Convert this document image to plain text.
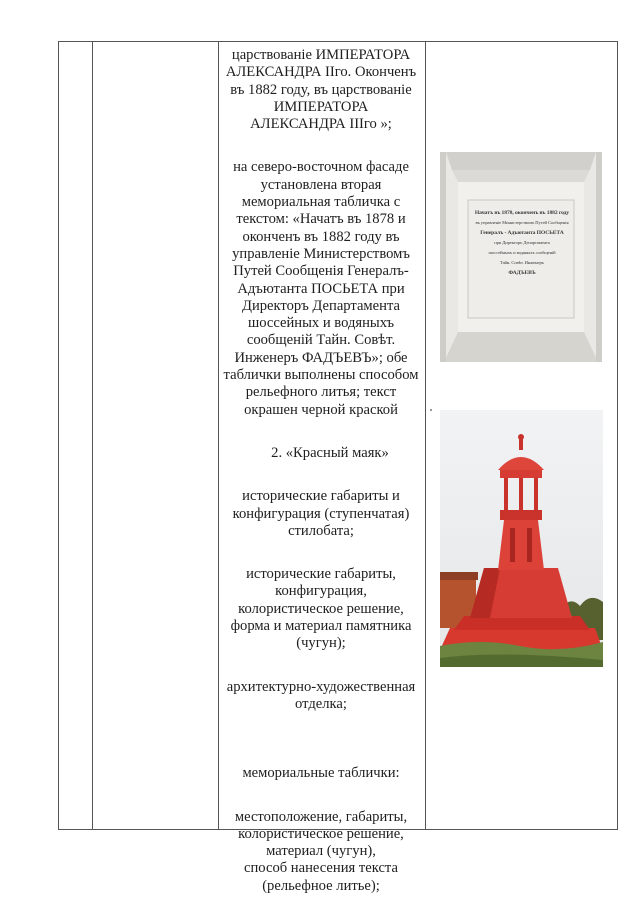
царствованіе ИМПЕРАТОРА

АЛЕКСАНДРА ІІго. Оконченъ

въ 1882 году, въ царствованіе

ИМПЕРАТОРА

АЛЕКСАНДРА ІІІго »;

на северо-восточном фасаде

установлена вторая

мемориальная табличка с

текстом: «Начатъ въ 1878 и

оконченъ въ 1882 году въ

управленіе Министерствомъ

Путей Сообщенія Генералъ-

Адъютанта ПОСЬЕТА при

Директоръ Департамента

шоссейных и водяныхъ

сообщеній Тайн. Совѣт.

Инженеръ ФАДЪЕВЪ»; обе

таблички выполнены способом

рельефного литья; текст

окрашен черной краской

2. «Красный маяк»

исторические габариты и

конфигурация (ступенчатая)

стилобата;

исторические габариты,

конфигурация,

колористическое решение,

форма и материал памятника

(чугун);

архитектурно-художественная

отделка;

мемориальные таблички:

местоположение, габариты,

колористическое решение,

материал (чугун),

способ нанесения текста

(рельефное литье);

Начатъ въ 1878, оконченъ въ 1882 году
въ управленіе Министерствомъ Путей Сообщенія
Генералъ - Адъютанта ПОСЬЕТА
при Директоръ Департамента
шоссейныхъ и водяныхъ сообщеній
Тайн. Совѣт. Инженеръ
ФАДЪЕВЪ
